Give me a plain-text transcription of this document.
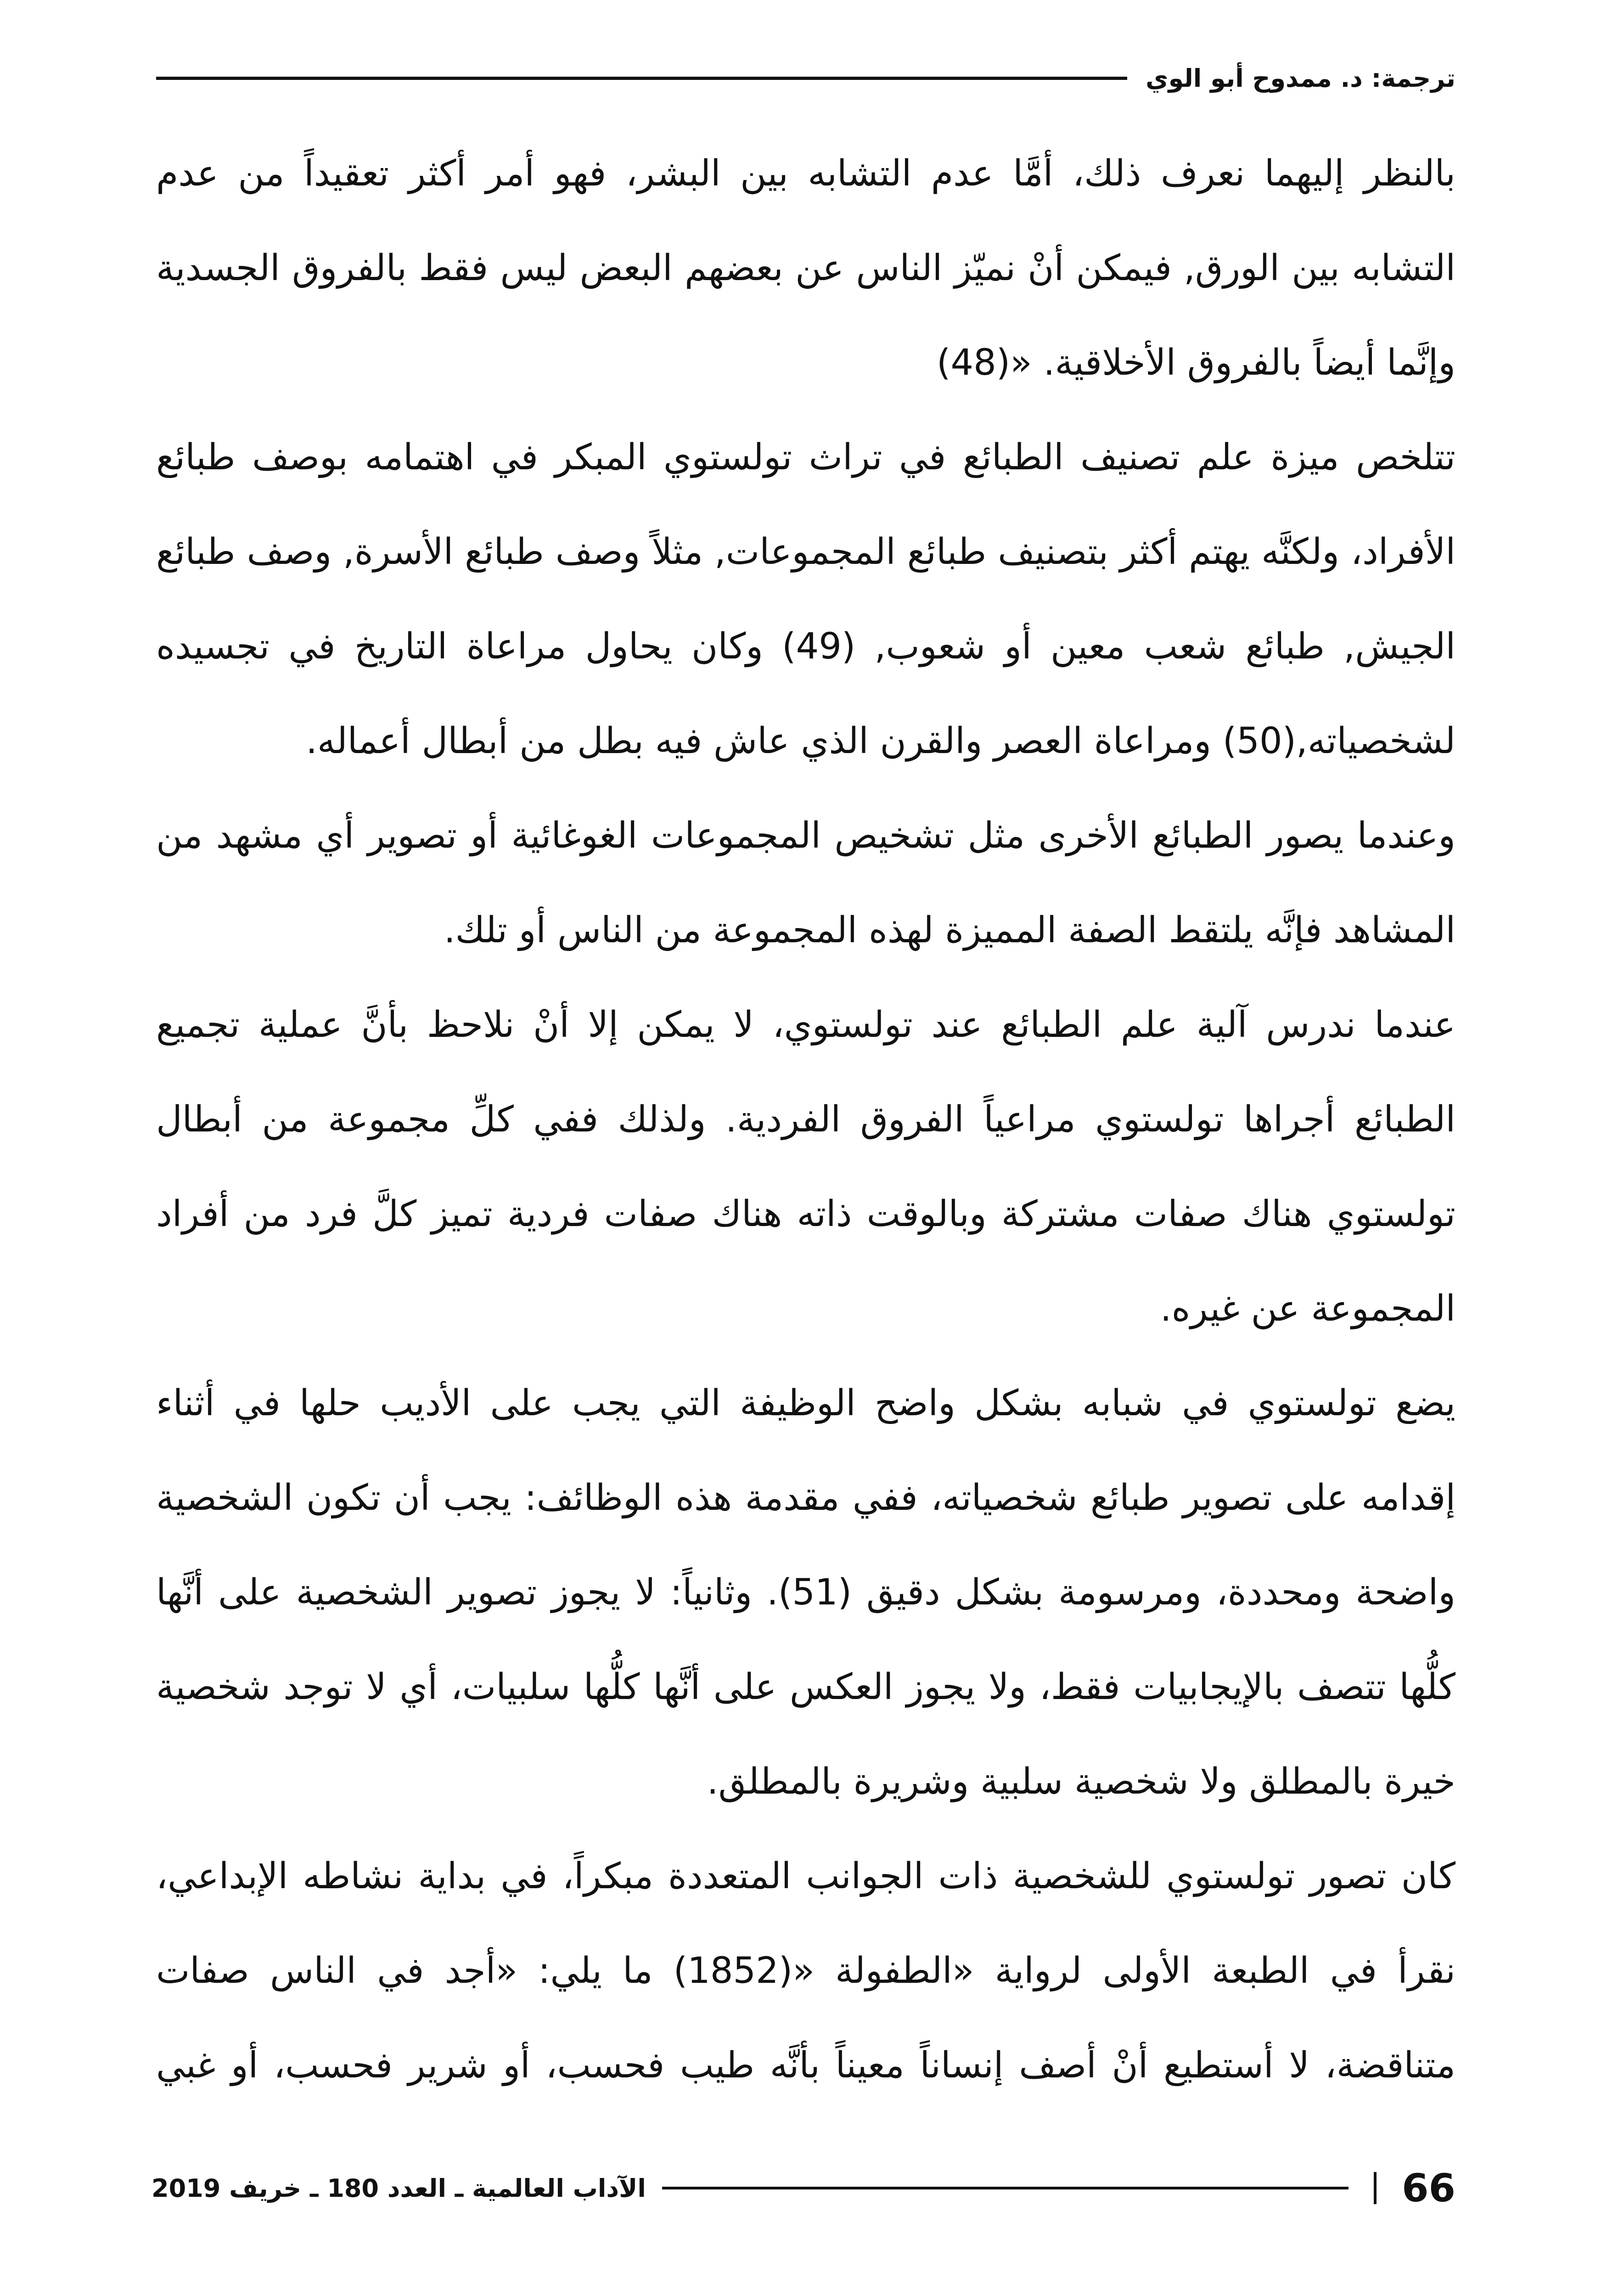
ترجمة: د. ممدوح أبو الوي

بالنظر إليهما نعرف ذلك، أمَّا عدم التشابه بين البشر، فهو أمر أكثر تعقيداً من عدم التشابه بين الورق, فيمكن أنْ نميّز الناس عن بعضهم البعض ليس فقط بالفروق الجسدية وإنَّما أيضاً بالفروق الأخلاقية. «(48)

تتلخص ميزة علم تصنيف الطبائع في تراث تولستوي المبكر في اهتمامه بوصف طبائع الأفراد، ولكنَّه يهتم أكثر بتصنيف طبائع المجموعات, مثلاً وصف طبائع الأسرة, وصف طبائع الجيش, طبائع شعب معين أو شعوب, (49) وكان يحاول مراعاة التاريخ في تجسيده لشخصياته,(50) ومراعاة العصر والقرن الذي عاش فيه بطل من أبطال أعماله.

وعندما يصور الطبائع الأخرى مثل تشخيص المجموعات الغوغائية أو تصوير أي مشهد من المشاهد فإنَّه يلتقط الصفة المميزة لهذه المجموعة من الناس أو تلك.

عندما ندرس آلية علم الطبائع عند تولستوي، لا يمكن إلا أنْ نلاحظ بأنَّ عملية تجميع الطبائع أجراها تولستوي مراعياً الفروق الفردية. ولذلك ففي كلِّ مجموعة من أبطال تولستوي هناك صفات مشتركة وبالوقت ذاته هناك صفات فردية تميز كلَّ فرد من أفراد المجموعة عن غيره.

يضع تولستوي في شبابه بشكل واضح الوظيفة التي يجب على الأديب حلها في أثناء إقدامه على تصوير طبائع شخصياته، ففي مقدمة هذه الوظائف: يجب أن تكون الشخصية واضحة ومحددة، ومرسومة بشكل دقيق (51). وثانياً: لا يجوز تصوير الشخصية على أنَّها كلُّها تتصف بالإيجابيات فقط، ولا يجوز العكس على أنَّها كلُّها سلبيات، أي لا توجد شخصية خيرة بالمطلق ولا شخصية سلبية وشريرة بالمطلق.

كان تصور تولستوي للشخصية ذات الجوانب المتعددة مبكراً، في بداية نشاطه الإبداعي، نقرأ في الطبعة الأولى لرواية «الطفولة «(1852) ما يلي: «أجد في الناس صفات متناقضة، لا أستطيع أنْ أصف إنساناً معيناً بأنَّه طيب فحسب، أو شرير فحسب، أو غبي

66
الآداب العالمية ـ العدد 180 ـ خريف 2019
